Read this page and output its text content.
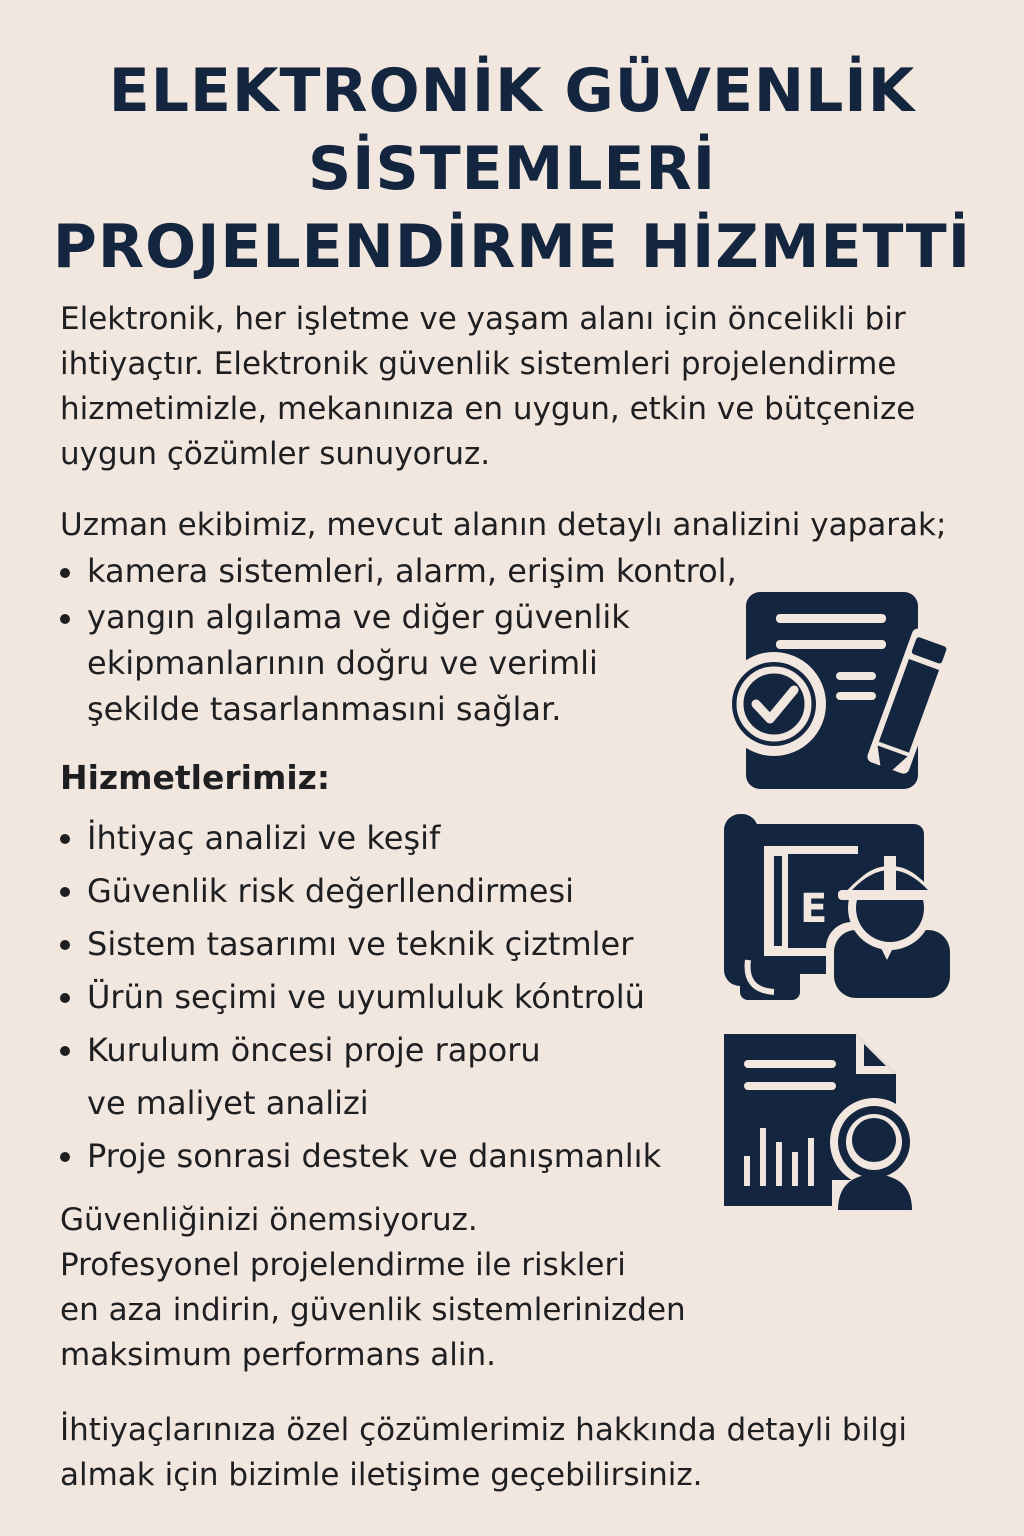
ELEKTRONİK GÜVENLİK
SİSTEMLERİ
PROJELENDİRME HİZMETTİ

Elektronik, her işletme ve yaşam alanı için öncelikli bir
ihtiyaçtır. Elektronik güvenlik sistemleri projelendirme
hizmetimizle, mekanınıza en uygun, etkin ve bütçenize
uygun çözümler sunuyoruz.

Uzman ekibimiz, mevcut alanın detaylı analizini yaparak;

kamera sistemleri, alarm, erişim kontrol,
yangın algılama ve diğer güvenlik
ekipmanlarının doğru ve verimli
şekilde tasarlanmasıni sağlar.
Hizmetlerimiz:
İhtiyaç analizi ve keşif
Güvenlik risk değerllendirmesi
Sistem tasarımı ve teknik çiztmler
Ürün seçimi ve uyumluluk kóntrolü
Kurulum öncesi proje raporu
ve maliyet analizi
Proje sonrasi destek ve danışmanlık

Güvenliğinizi önemsiyoruz.
Profesyonel projelendirme ile riskleri
en aza indirin, güvenlik sistemlerinizden
maksimum performans alin.

İhtiyaçlarınıza özel çözümlerimiz hakkında detayli bilgi
almak için bizimle iletişime geçebilirsiniz.

E
